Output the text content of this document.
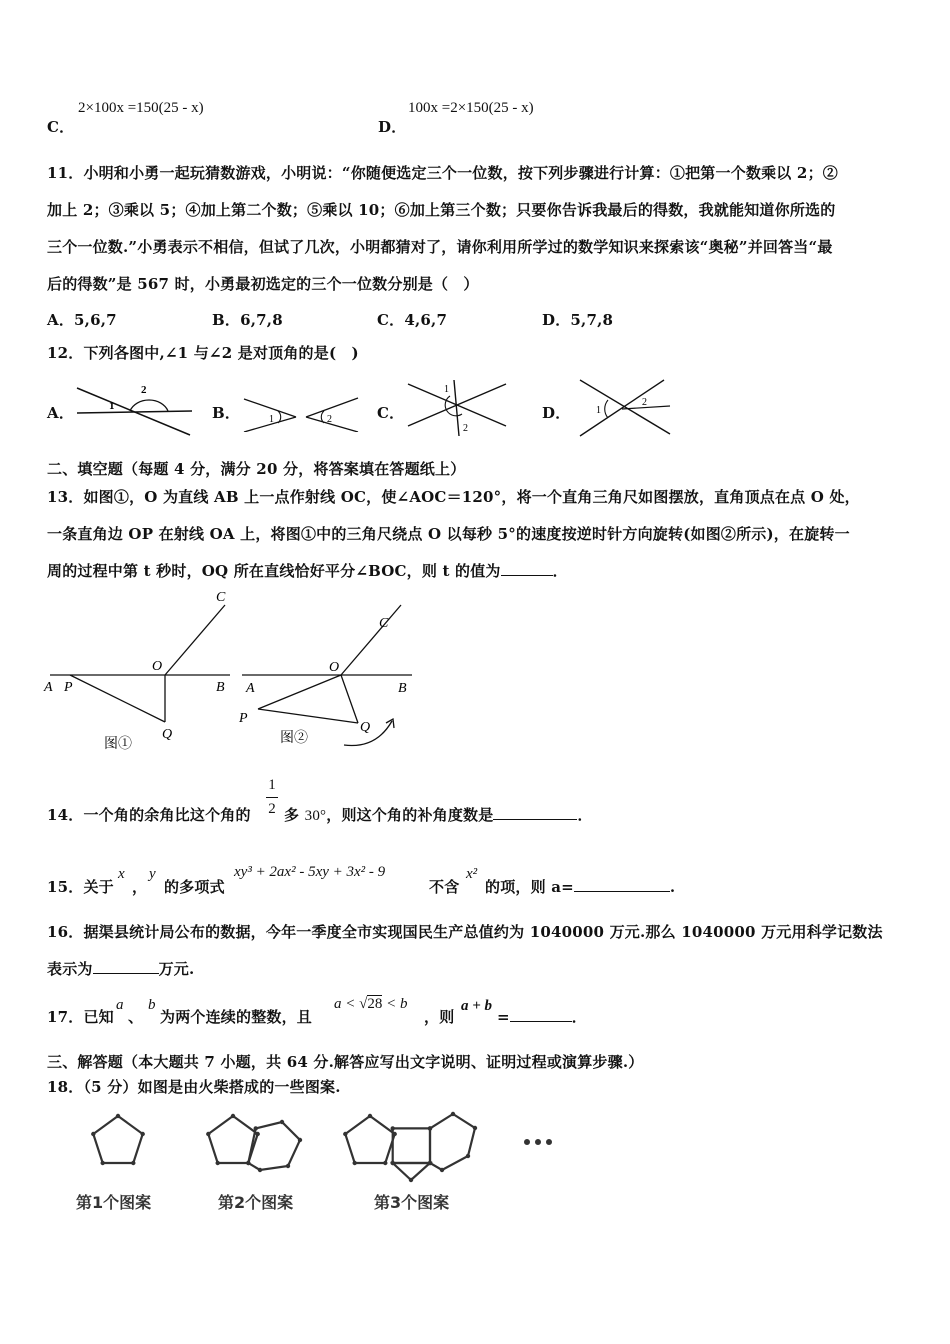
2×100x =150(25 - x)
C．
100x =2×150(25 - x)
D．
11．小明和小勇一起玩猜数游戏，小明说：“你随便选定三个一位数，按下列步骤进行计算：①把第一个数乘以 2；②
加上 2；③乘以 5；④加上第二个数；⑤乘以 10；⑥加上第三个数；只要你告诉我最后的得数，我就能知道你所选的
三个一位数.”小勇表示不相信，但试了几次，小明都猜对了，请你利用所学过的数学知识来探索该“奥秘”并回答当“最
后的得数”是 567 时，小勇最初选定的三个一位数分别是（　）
A．5,6,7	B．6,7,8	C．4,6,7	D．5,7,8
12．下列各图中,∠1 与∠2 是对顶角的是(　)
A．	1
2
B．	1	2	C．
1
2
D．	1
2
二、填空题（每题 4 分，满分 20 分，将答案填在答题纸上）
13．如图①，O 为直线 AB 上一点作射线 OC，使∠AOC＝120°，将一个直角三角尺如图摆放，直角顶点在点 O 处，
一条直角边 OP 在射线 OA 上，将图①中的三角尺绕点 O 以每秒 5°的速度按逆时针方向旋转(如图②所示)，在旋转一
周的过程中第 t 秒时，OQ 所在直线恰好平分∠BOC，则 t 的值为	．
A P
O
B
C
Q
图①
A
P
O
B
C
Q
图②
14．一个角的余角比这个角的
1
2 多 30°，则这个角的补角度数是	．
15．关于
x
，
y
的多项式
xy³ + 2ax² - 5xy + 3x² - 9
不含
x²
的项，则 a=	.
16．据渠县统计局公布的数据，今年一季度全市实现国民生产总值约为 1040000 万元.那么 1040000 万元用科学记数法
表示为	万元.
17．已知
a
、
b
为两个连续的整数，且
a < √28 < b
，则
a + b
=	．
三、解答题（本大题共 7 小题，共 64 分.解答应写出文字说明、证明过程或演算步骤.）
18．（5 分）如图是由火柴搭成的一些图案.
第1个图案	第2个图案	第3个图案
